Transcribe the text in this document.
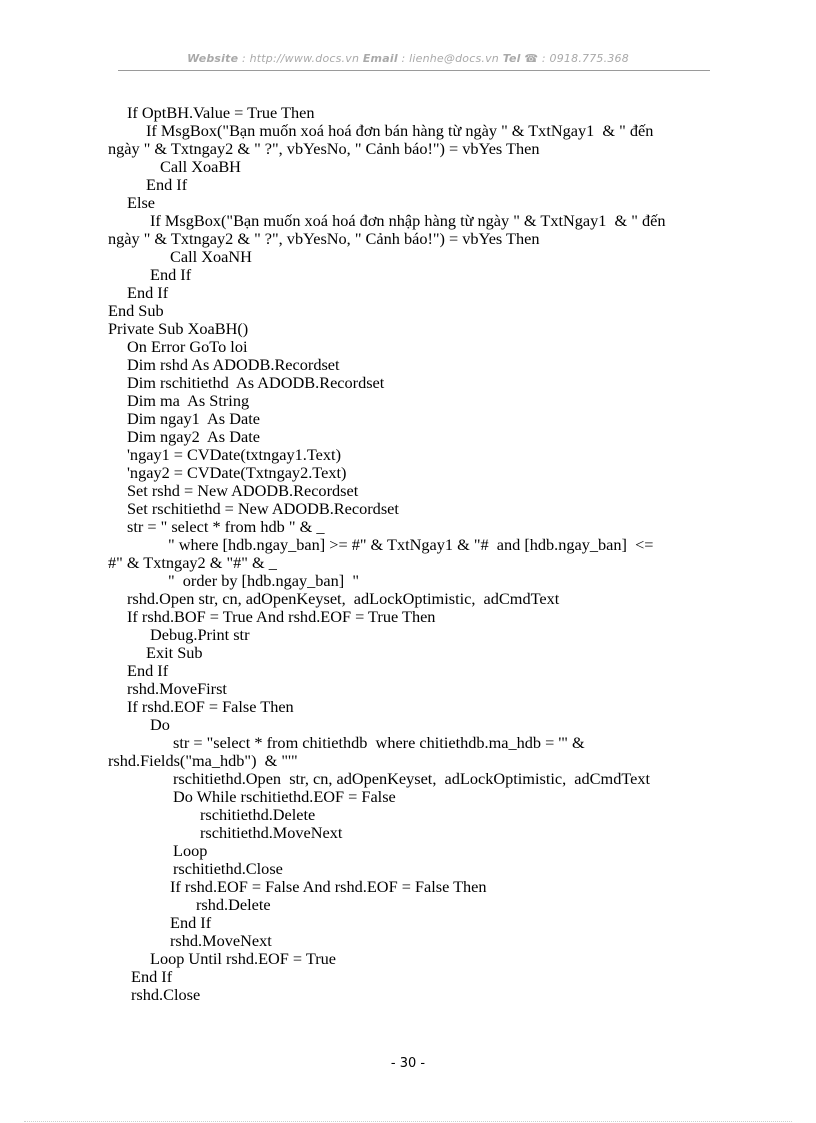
Website : http://www.docs.vn Email : lienhe@docs.vn Tel ☎ : 0918.775.368
If OptBH.Value = True Then
If MsgBox("Bạn muốn xoá hoá đơn bán hàng từ ngày " & TxtNgay1  & " đến
ngày " & Txtngay2 & " ?", vbYesNo, " Cảnh báo!") = vbYes Then
Call XoaBH
End If
Else
If MsgBox("Bạn muốn xoá hoá đơn nhập hàng từ ngày " & TxtNgay1  & " đến
ngày " & Txtngay2 & " ?", vbYesNo, " Cảnh báo!") = vbYes Then
Call XoaNH
End If
End If
End Sub
Private Sub XoaBH()
On Error GoTo loi
Dim rshd As ADODB.Recordset
Dim rschitiethd  As ADODB.Recordset
Dim ma  As String
Dim ngay1  As Date
Dim ngay2  As Date
'ngay1 = CVDate(txtngay1.Text)
'ngay2 = CVDate(Txtngay2.Text)
Set rshd = New ADODB.Recordset
Set rschitiethd = New ADODB.Recordset
str = " select * from hdb " & _
" where [hdb.ngay_ban] >= #" & TxtNgay1 & "#  and [hdb.ngay_ban]  <=
#" & Txtngay2 & "#" & _
"  order by [hdb.ngay_ban]  "
rshd.Open str, cn, adOpenKeyset,  adLockOptimistic,  adCmdText
If rshd.BOF = True And rshd.EOF = True Then
Debug.Print str
Exit Sub
End If
rshd.MoveFirst
If rshd.EOF = False Then
Do
str = "select * from chitiethdb  where chitiethdb.ma_hdb = '" &
rshd.Fields("ma_hdb")  & "'"
rschitiethd.Open  str, cn, adOpenKeyset,  adLockOptimistic,  adCmdText
Do While rschitiethd.EOF = False
rschitiethd.Delete
rschitiethd.MoveNext
Loop
rschitiethd.Close
If rshd.EOF = False And rshd.EOF = False Then
rshd.Delete
End If
rshd.MoveNext
Loop Until rshd.EOF = True
End If
rshd.Close
- 30 -
